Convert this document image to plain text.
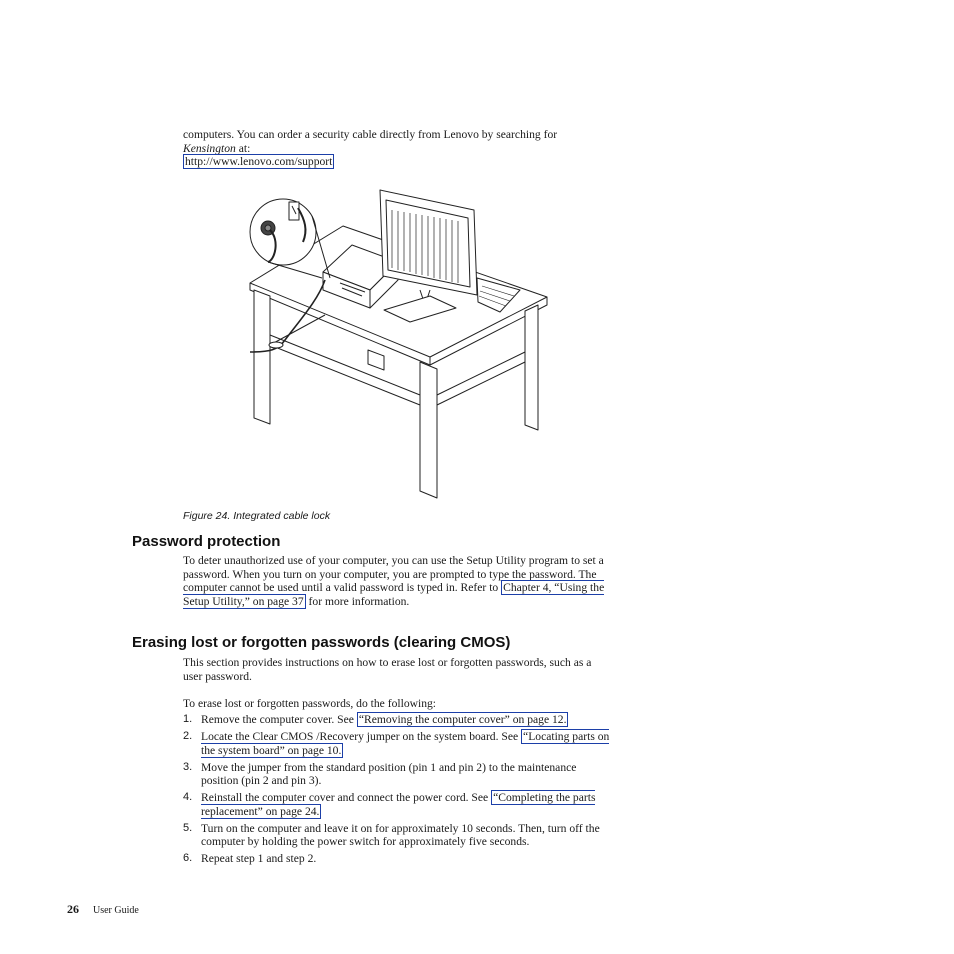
computers. You can order a security cable directly from Lenovo by searching for
Kensington at:
http://www.lenovo.com/support
Figure 24. Integrated cable lock
Password protection
To deter unauthorized use of your computer, you can use the Setup Utility program to set a password. When you turn on your computer, you are prompted to type the password. The computer cannot be used until a valid password is typed in. Refer to Chapter 4, “Using the Setup Utility,” on page 37 for more information.
Erasing lost or forgotten passwords (clearing CMOS)
This section provides instructions on how to erase lost or forgotten passwords, such as a user password.
To erase lost or forgotten passwords, do the following:
1. Remove the computer cover. See “Removing the computer cover” on page 12.
2. Locate the Clear CMOS /Recovery jumper on the system board. See “Locating parts on the system board” on page 10.
3. Move the jumper from the standard position (pin 1 and pin 2) to the maintenance position (pin 2 and pin 3).
4. Reinstall the computer cover and connect the power cord. See “Completing the parts replacement” on page 24.
5. Turn on the computer and leave it on for approximately 10 seconds. Then, turn off the computer by holding the power switch for approximately five seconds.
6. Repeat step 1 and step 2.
26 User Guide
